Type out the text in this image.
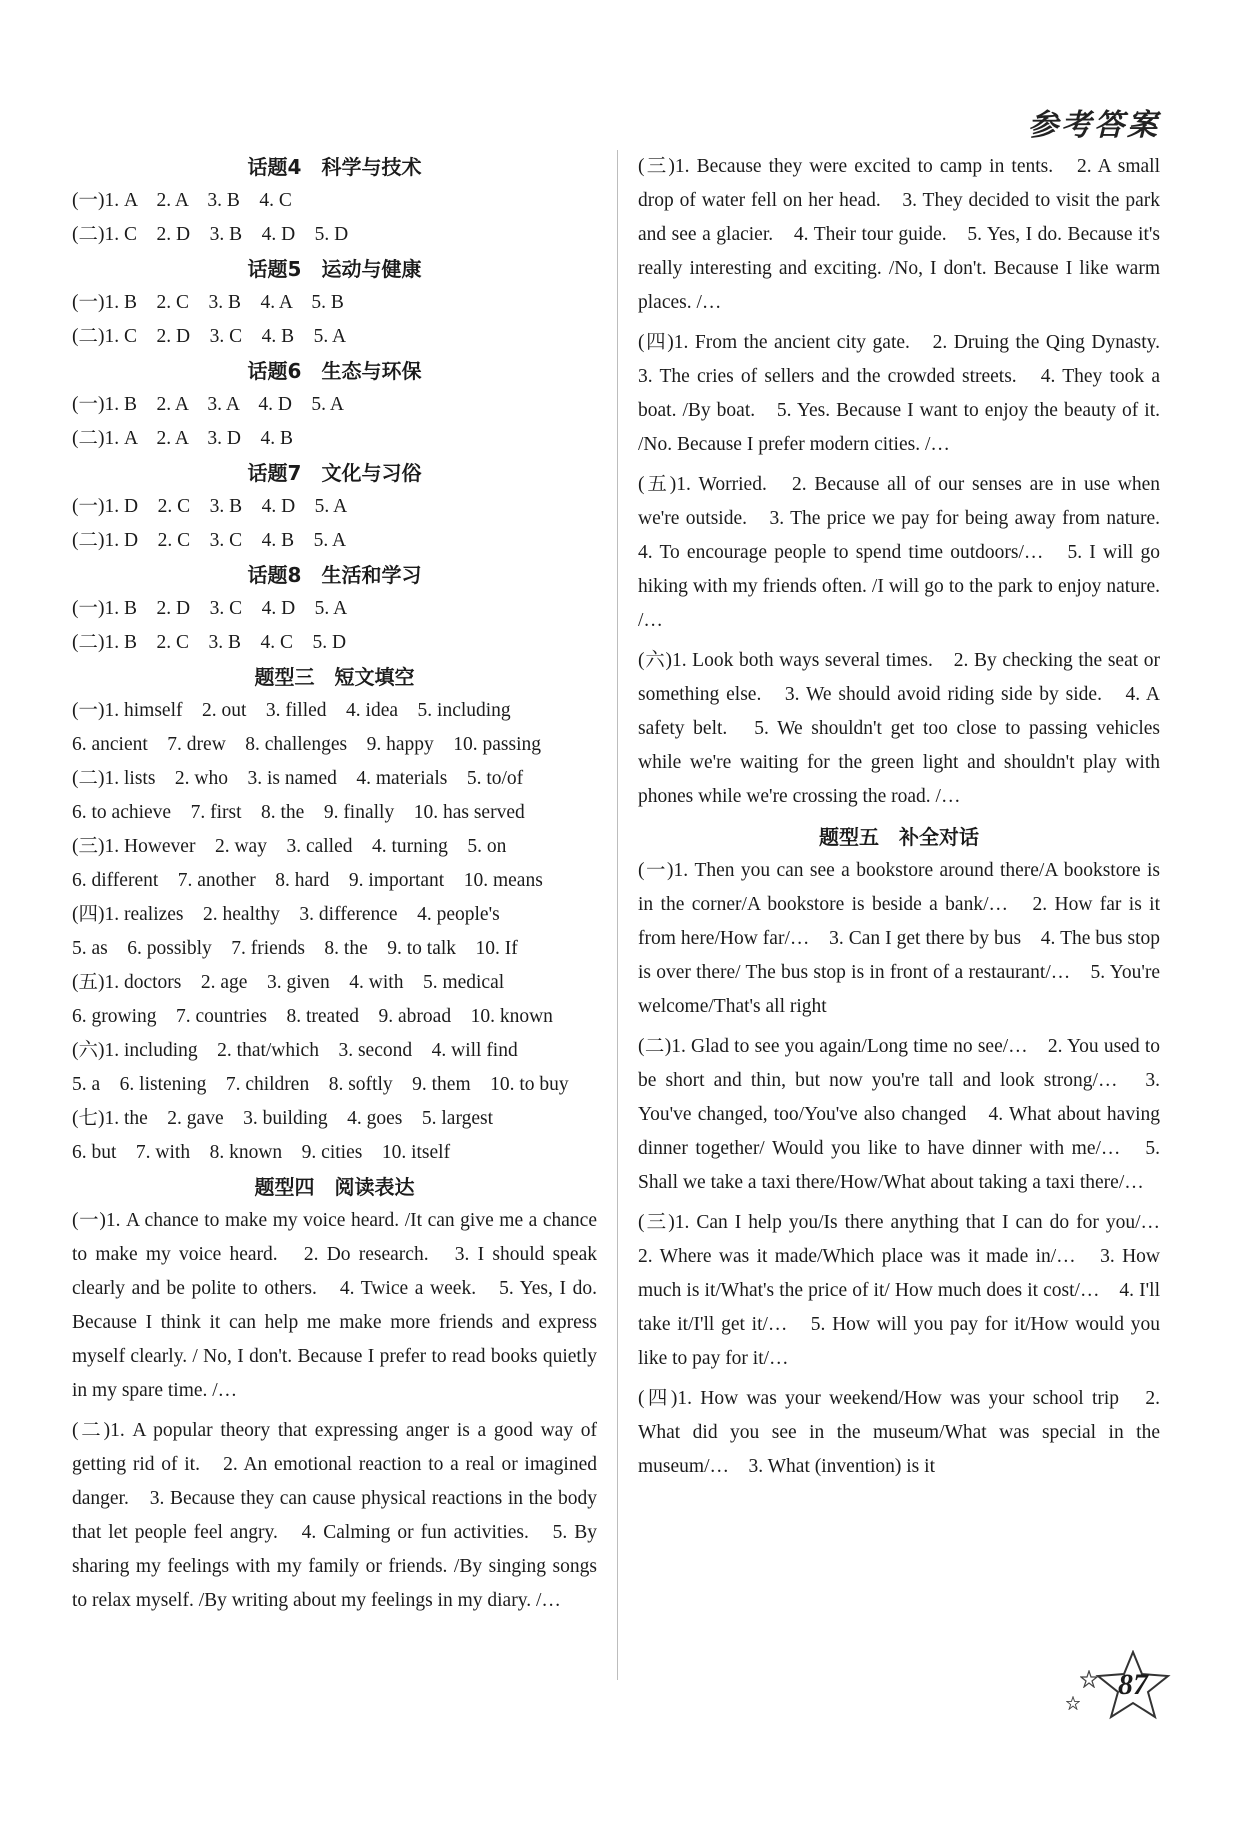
参考答案
话题4　科学与技术
(一)1. A　2. A　3. B　4. C
(二)1. C　2. D　3. B　4. D　5. D
话题5　运动与健康
(一)1. B　2. C　3. B　4. A　5. B
(二)1. C　2. D　3. C　4. B　5. A
话题6　生态与环保
(一)1. B　2. A　3. A　4. D　5. A
(二)1. A　2. A　3. D　4. B
话题7　文化与习俗
(一)1. D　2. C　3. B　4. D　5. A
(二)1. D　2. C　3. C　4. B　5. A
话题8　生活和学习
(一)1. B　2. D　3. C　4. D　5. A
(二)1. B　2. C　3. B　4. C　5. D
题型三　短文填空
(一)1. himself　2. out　3. filled　4. idea　5. including
6. ancient　7. drew　8. challenges　9. happy　10. passing
(二)1. lists　2. who　3. is named　4. materials　5. to/of
6. to achieve　7. first　8. the　9. finally　10. has served
(三)1. However　2. way　3. called　4. turning　5. on
6. different　7. another　8. hard　9. important　10. means
(四)1. realizes　2. healthy　3. difference　4. people's
5. as　6. possibly　7. friends　8. the　9. to talk　10. If
(五)1. doctors　2. age　3. given　4. with　5. medical
6. growing　7. countries　8. treated　9. abroad　10. known
(六)1. including　2. that/which　3. second　4. will find
5. a　6. listening　7. children　8. softly　9. them　10. to buy
(七)1. the　2. gave　3. building　4. goes　5. largest
6. but　7. with　8. known　9. cities　10. itself
题型四　阅读表达
(一)1. A chance to make my voice heard. /It can give me a chance to make my voice heard.　2. Do research.　3. I should speak clearly and be polite to others.　4. Twice a week.　5. Yes, I do. Because I think it can help me make more friends and express myself clearly. / No, I don't. Because I prefer to read books quietly in my spare time. /…
(二)1. A popular theory that expressing anger is a good way of getting rid of it.　2. An emotional reaction to a real or imagined danger.　3. Because they can cause physical reactions in the body that let people feel angry.　4. Calming or fun activities.　5. By sharing my feelings with my family or friends. /By singing songs to relax myself. /By writing about my feelings in my diary. /…
(三)1. Because they were excited to camp in tents.　2. A small drop of water fell on her head.　3. They decided to visit the park and see a glacier.　4. Their tour guide.　5. Yes, I do. Because it's really interesting and exciting. /No, I don't. Because I like warm places. /…
(四)1. From the ancient city gate.　2. Druing the Qing Dynasty.　3. The cries of sellers and the crowded streets.　4. They took a boat. /By boat.　5. Yes. Because I want to enjoy the beauty of it. /No. Because I prefer modern cities. /…
(五)1. Worried.　2. Because all of our senses are in use when we're outside.　3. The price we pay for being away from nature.　4. To encourage people to spend time outdoors/…　5. I will go hiking with my friends often. /I will go to the park to enjoy nature. /…
(六)1. Look both ways several times.　2. By checking the seat or something else.　3. We should avoid riding side by side.　4. A safety belt.　5. We shouldn't get too close to passing vehicles while we're waiting for the green light and shouldn't play with phones while we're crossing the road. /…
题型五　补全对话
(一)1. Then you can see a bookstore around there/A bookstore is in the corner/A bookstore is beside a bank/…　2. How far is it from here/How far/…　3. Can I get there by bus　4. The bus stop is over there/ The bus stop is in front of a restaurant/…　5. You're welcome/That's all right
(二)1. Glad to see you again/Long time no see/…　2. You used to be short and thin, but now you're tall and look strong/…　3. You've changed, too/You've also changed　4. What about having dinner together/ Would you like to have dinner with me/…　5. Shall we take a taxi there/How/What about taking a taxi there/…
(三)1. Can I help you/Is there anything that I can do for you/…　2. Where was it made/Which place was it made in/…　3. How much is it/What's the price of it/ How much does it cost/…　4. I'll take it/I'll get it/…　5. How will you pay for it/How would you like to pay for it/…
(四)1. How was your weekend/How was your school trip　2. What did you see in the museum/What was special in the museum/…　3. What (invention) is it
87
